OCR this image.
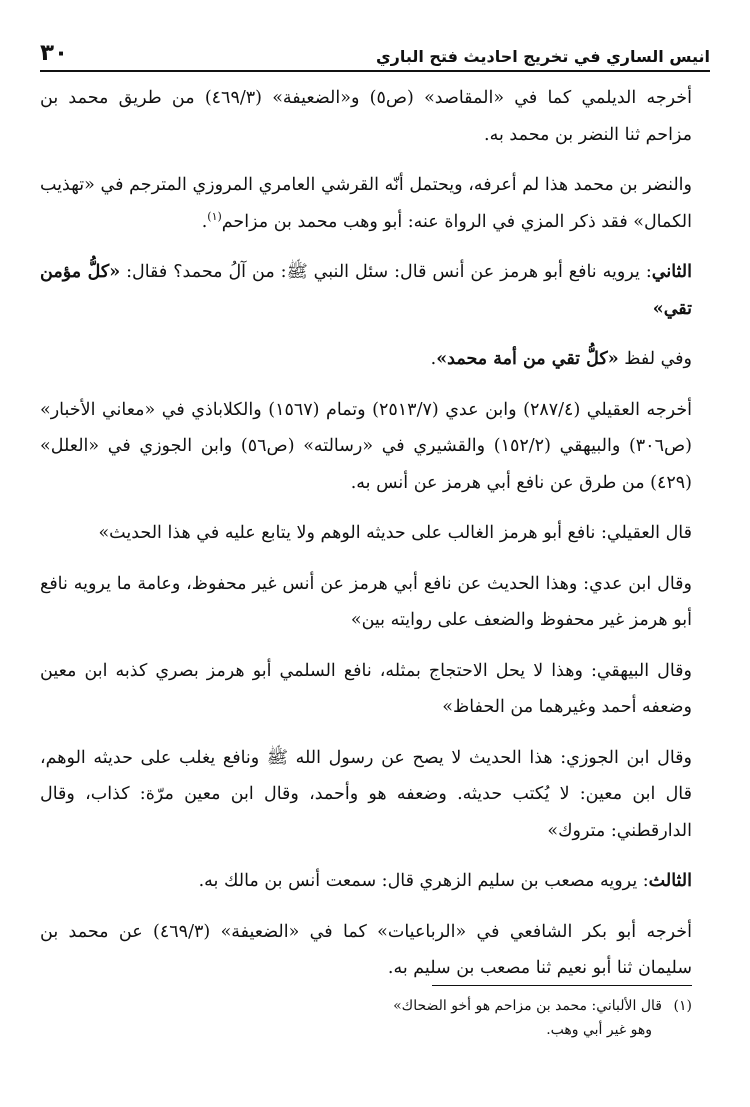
انيس الساري في تخريج احاديث فتح الباري
٣٠

أخرجه الديلمي كما في «المقاصد» (ص٥) و«الضعيفة» (٤٦٩/٣) من طريق محمد بن مزاحم ثنا النضر بن محمد به.

والنضر بن محمد هذا لم أعرفه، ويحتمل أنّه القرشي العامري المروزي المترجم في «تهذيب الكمال» فقد ذكر المزي في الرواة عنه: أبو وهب محمد بن مزاحم$^{(١)}$.

الثاني: يرويه نافع أبو هرمز عن أنس قال: سئل النبي ﷺ: من آلُ محمد؟ فقال: «كلُّ مؤمن تقي»

وفي لفظ «كلُّ تقي من أمة محمد».

أخرجه العقيلي (٢٨٧/٤) وابن عدي (٢٥١٣/٧) وتمام (١٥٦٧) والكلاباذي في «معاني الأخبار» (ص٣٠٦) والبيهقي (١٥٢/٢) والقشيري في «رسالته» (ص٥٦) وابن الجوزي في «العلل» (٤٢٩) من طرق عن نافع أبي هرمز عن أنس به.

قال العقيلي: نافع أبو هرمز الغالب على حديثه الوهم ولا يتابع عليه في هذا الحديث»

وقال ابن عدي: وهذا الحديث عن نافع أبي هرمز عن أنس غير محفوظ، وعامة ما يرويه نافع أبو هرمز غير محفوظ والضعف على روايته بين»

وقال البيهقي: وهذا لا يحل الاحتجاج بمثله، نافع السلمي أبو هرمز بصري كذبه ابن معين وضعفه أحمد وغيرهما من الحفاظ»

وقال ابن الجوزي: هذا الحديث لا يصح عن رسول الله ﷺ ونافع يغلب على حديثه الوهم، قال ابن معين: لا يُكتب حديثه. وضعفه هو وأحمد، وقال ابن معين مرّة: كذاب، وقال الدارقطني: متروك»

الثالث: يرويه مصعب بن سليم الزهري قال: سمعت أنس بن مالك به.

أخرجه أبو بكر الشافعي في «الرباعيات» كما في «الضعيفة» (٤٦٩/٣) عن محمد بن سليمان ثنا أبو نعيم ثنا مصعب بن سليم به.

(١)قال الألباني: محمد بن مزاحم هو أخو الضحاك»

وهو غير أبي وهب.
